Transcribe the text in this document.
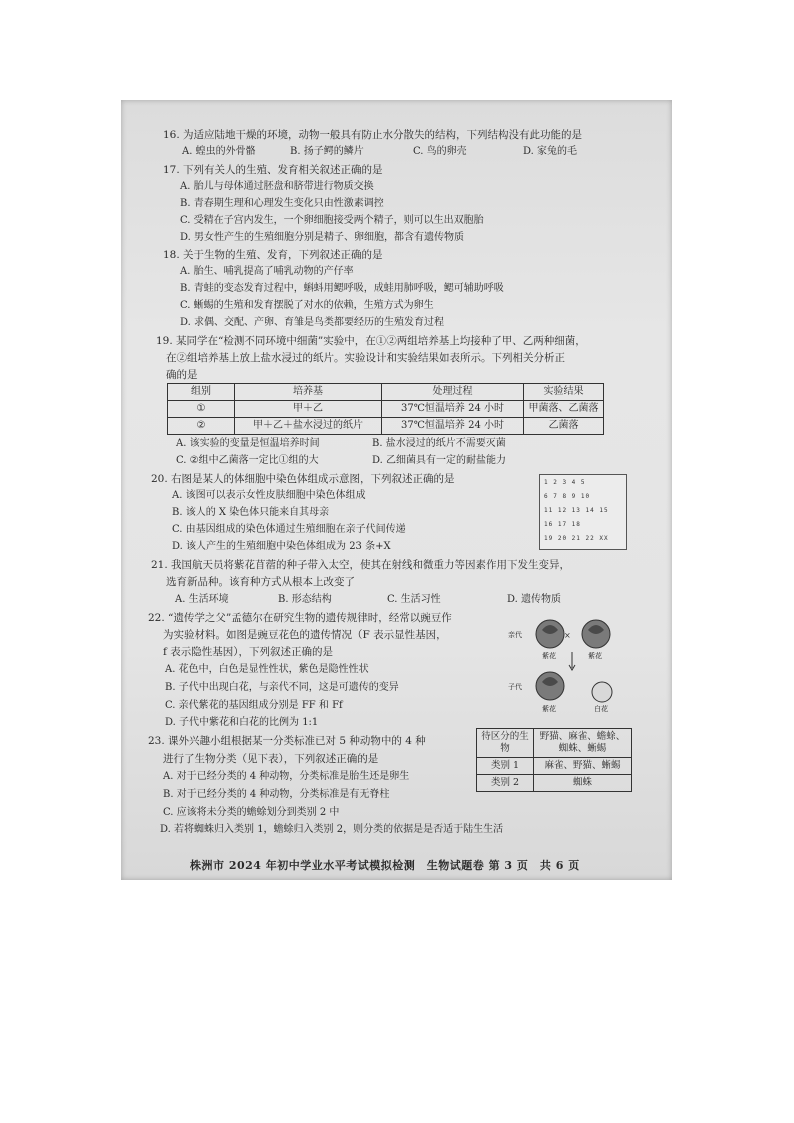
16. 为适应陆地干燥的环境，动物一般具有防止水分散失的结构，下列结构没有此功能的是
A. 蝗虫的外骨骼	B. 扬子鳄的鳞片	C. 鸟的卵壳	D. 家兔的毛
17. 下列有关人的生殖、发育相关叙述正确的是
A. 胎儿与母体通过胚盘和脐带进行物质交换
B. 青春期生理和心理发生变化只由性激素调控
C. 受精在子宫内发生，一个卵细胞接受两个精子，则可以生出双胞胎
D. 男女性产生的生殖细胞分别是精子、卵细胞，都含有遗传物质
18. 关于生物的生殖、发育，下列叙述正确的是
A. 胎生、哺乳提高了哺乳动物的产仔率
B. 青蛙的变态发育过程中，蝌蚪用鳃呼吸，成蛙用肺呼吸，鳃可辅助呼吸
C. 蜥蜴的生殖和发育摆脱了对水的依赖，生殖方式为卵生
D. 求偶、交配、产卵、育雏是鸟类都要经历的生殖发育过程
19. 某同学在“检测不同环境中细菌”实验中，在①②两组培养基上均接种了甲、乙两种细菌，
在②组培养基上放上盐水浸过的纸片。实验设计和实验结果如表所示。下列相关分析正
确的是
组别	培养基	处理过程	实验结果
①	甲＋乙	37℃恒温培养 24 小时	甲菌落、乙菌落
②	甲＋乙＋盐水浸过的纸片	37℃恒温培养 24 小时	乙菌落
A. 该实验的变量是恒温培养时间	B. 盐水浸过的纸片不需要灭菌
C. ②组中乙菌落一定比①组的大	D. 乙细菌具有一定的耐盐能力
20. 右图是某人的体细胞中染色体组成示意图，下列叙述正确的是
A. 该图可以表示女性皮肤细胞中染色体组成
B. 该人的 X 染色体只能来自其母亲
C. 由基因组成的染色体通过生殖细胞在亲子代间传递
D. 该人产生的生殖细胞中染色体组成为 23 条+X
1 2 3 4 5
6 7 8 9 10
11 12 13 14 15
16 17 18
19 20 21 22 XX
21. 我国航天员将紫花苜蓿的种子带入太空，使其在射线和微重力等因素作用下发生变异，
选育新品种。该育种方式从根本上改变了
A. 生活环境	B. 形态结构	C. 生活习性	D. 遗传物质
22. “遗传学之父”孟德尔在研究生物的遗传规律时，经常以豌豆作
为实验材料。如图是豌豆花色的遗传情况（F 表示显性基因，
f 表示隐性基因），下列叙述正确的是
A. 花色中，白色是显性性状，紫色是隐性性状
B. 子代中出现白花，与亲代不同，这是可遗传的变异
C. 亲代紫花的基因组成分别是 FF 和 Ff
D. 子代中紫花和白花的比例为 1:1
×
亲代
紫花	紫花
子代
紫花	白花
23. 课外兴趣小组根据某一分类标准已对 5 种动物中的 4 种
进行了生物分类（见下表），下列叙述正确的是
A. 对于已经分类的 4 种动物，分类标准是胎生还是卵生
B. 对于已经分类的 4 种动物，分类标准是有无脊柱
C. 应该将未分类的蟾蜍划分到类别 2 中
D. 若将蜘蛛归入类别 1，蟾蜍归入类别 2，则分类的依据是是否适于陆生生活
待区分的生物	野猫、麻雀、蟾蜍、蜘蛛、蜥蜴
类别 1	麻雀、野猫、蜥蜴
类别 2	蜘蛛
株洲市 2024 年初中学业水平考试模拟检测　生物试题卷 第 3 页　共 6 页
